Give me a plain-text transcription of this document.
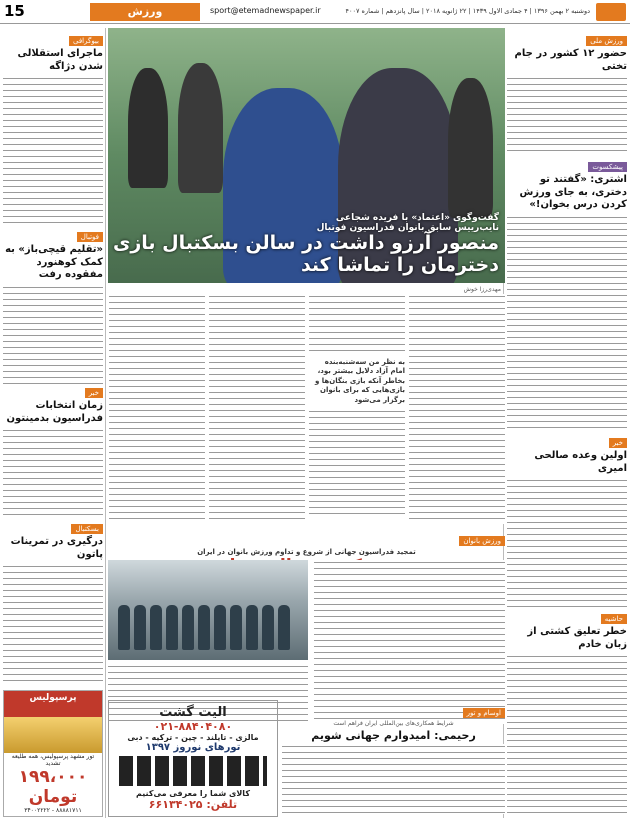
15	ورزش	sport@etemadnewspaper.ir	دوشنبه ۲ بهمن ۱۳۹۶ | ۴ جمادی الاول ۱۴۳۹ | ۲۲ ژانویه ۲۰۱۸ | سال پانزدهم | شماره ۴۰۰۷
ورزش ملی
حضور ۱۲ کشور در جام تختی
پیشکسوت
اشتری: «گفتند تو دختری، به جای ورزش کردن درس بخوان!»
خبر
اولین وعده صالحی امیری
حاشیه
خطر تعلیق کشتی از زبان خادم
بیوگرافی
ماجرای استقلالی شدن دژاگه
فوتبال
«تقلیم قیچی‌باز» به کمک کوهنورد مفقوده رفت
خبر
زمان انتخابات فدراسیون بدمینتون
بسکتبال
درگیری در تمرینات پاتون
گفت‌وگوی «اعتماد» با فریده شجاعی
نایب‌رییس سابق بانوان فدراسیون فوتبال
منصور آرزو داشت در سالن بسکتبال بازی دخترمان را تماشا کند
مهدی‌رزا خوش
به نظر من سه‌شنبه‌بنده امام آزاد دلایل بیشتر بود، بخاطر آنکه بازی بنگان‌ها و بازی‌هایی که برای بانوان برگزار می‌شود
ورزش بانوان
تمجید فدراسیون جهانی از شروع و تداوم ورزش بانوان در ایران
پرسپولیس
تور مشهد پرسپولیس، همه طلیعه تشدید
۱۹۹،۰۰۰ تومان
۸۸۸۸۱۷۱۱ - ۳۴۰۰۲۲۲۲
الیت گشت
۰۲۱-۸۸۴۰۴۰۸۰
مالزی - تایلند - چین - ترکیه - دبی
تورهای نوروز ۱۳۹۷
کالای شما را معرفی می‌کنیم
تلفن: ۶۶۱۳۴۰۲۵
اوسام و تور
شرایط همکاری‌های بین‌المللی ایران فراهم است
رحیمی: امیدوارم جهانی شویم
